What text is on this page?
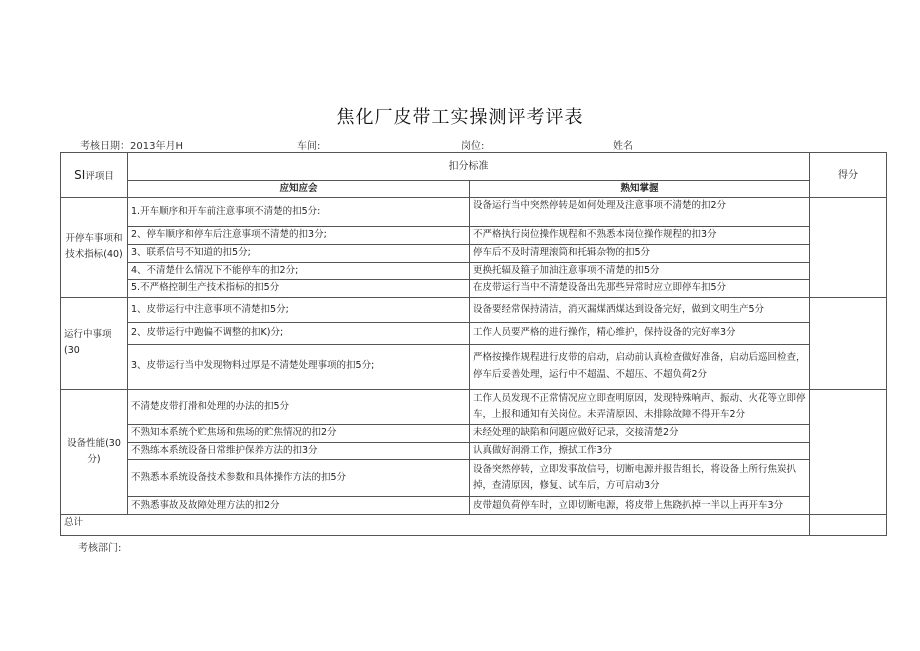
焦化厂皮带工实操测评考评表
考核日期：2013年月H	车间:	岗位:	姓名
SI评项目	扣分标准		得分
	应知应会	熟知掌握	
开停车事项和技术指标(40)	1.开车顺序和开车前注意事项不清楚的扣5分:	设备运行当中突然停转是如何处理及注意事项不清楚的扣2分	
	2、停车顺序和停车后注意事项不清楚的扣3分;	不严格执行岗位操作规程和不熟悉本岗位操作规程的扣3分	
	3、联系信号不知道的扣5分;	停车后不及时清理滚筒和托辑杂物的扣5分	
	4、不清楚什么情况下不能停车的扣2分;	更换托辐及箍子加油注意事项不清楚的扣5分	
	5.不严格控制生产技术指标的扣5分	在皮带运行当中不清楚设备出先那些异常时应立即停车扣5分	
运行中事项(30	1、皮带运行中注意事项不清楚扣5分;	设备要经常保持清洁，消灭漏煤洒煤达到设备完好，做到文明生产5分	
	2、皮带运行中跑偏不调整的扣K)分;	工作人员要严格的进行操作，精心维护，保持设备的完好率3分	
	3、皮带运行当中发现物料过厚是不清楚处理事项的扣5分;	严格按操作规程进行皮带的启动，启动前认真检查做好准备，启动后巡回检查，停车后妥善处理，运行中不超温、不超压、不超负荷2分	
设备性能(30分)	不清楚皮带打滑和处理的办法的扣5分	工作人员发现不正常情况应立即查明原因，发现特殊响声、振动、火花等立即停车，上报和通知有关岗位。未弄清原因、未排除故障不得开车2分	
	不熟知本系统个贮焦场和焦场的贮焦情况的扣2分	未经处理的缺陷和问题应做好记录，交接清楚2分	
	不熟练本系统设备日常维护保养方法的扣3分	认真做好润滑工作，擦拭工作3分	
	不熟悉本系统设备技术参数和具体操作方法的扣5分	设备突然停转，立即发事故信号，切断电源并报告组长，将设备上所行焦炭扒掉，查清原因，修复、试车后，方可启动3分	
	不熟悉事故及故障处理方法的扣2分	皮带超负荷停车时，立即切断电源，将皮带上焦跷扒掉一半以上再开车3分	
总计			
考核部门:
